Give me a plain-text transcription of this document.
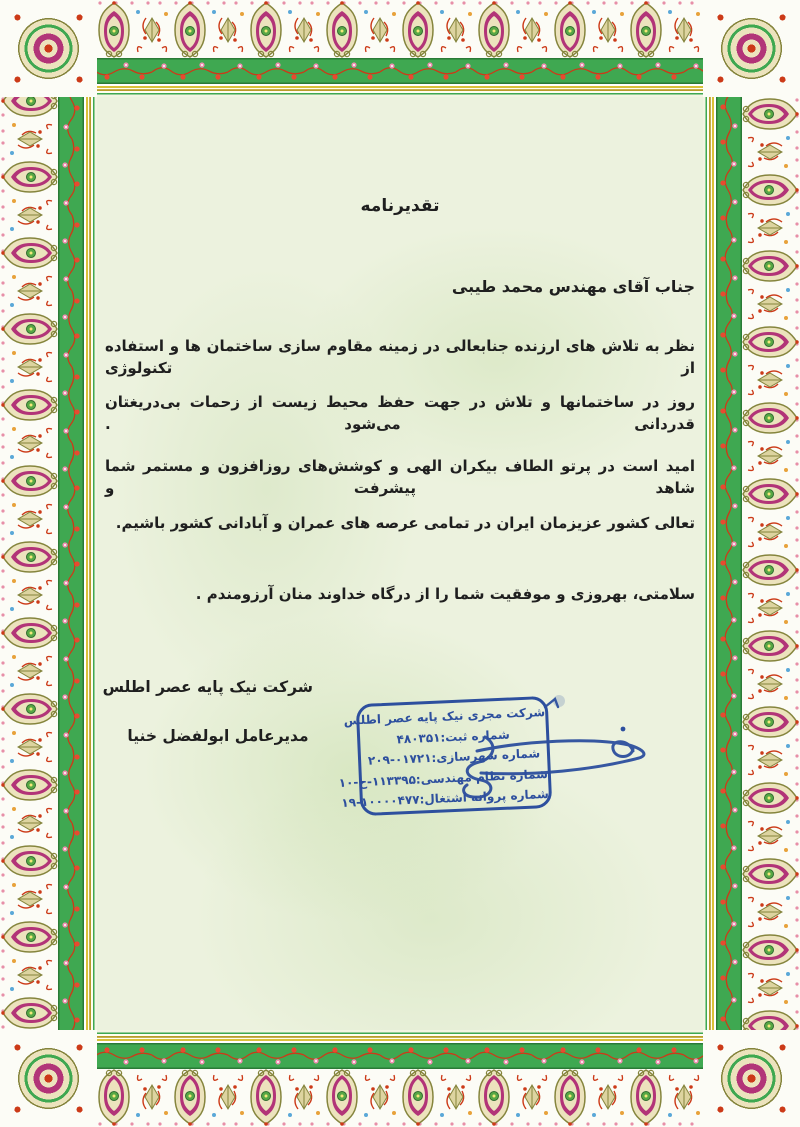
تقدیرنامه
جناب آقای مهندس محمد طیبی
نظر به تلاش های ارزنده جنابعالی در زمینه مقاوم سازی ساختمان ها و استفاده از تکنولوژی
روز در ساختمانها و تلاش در جهت حفظ محیط زیست از زحمات بی‌دریغتان قدردانی می‌شود .
امید است در پرتو الطاف بیکران الهی و کوشش‌های روزافزون و مستمر شما شاهد پیشرفت و
تعالی کشور عزیزمان ایران در تمامی عرصه های عمران و آبادانی کشور باشیم.
سلامتی، بهروزی و موفقیت شما را از درگاه خداوند منان آرزومندم .
شرکت نیک پایه عصر اطلس
مدیرعامل ابولفضل خنیا
شرکت مجری نیک پایه عصر اطلس
شماره ثبت:۴۸۰۳۵۱
شماره شهرسازی:۲۰۹-۰۱۷۲۱
شماره نظام مهندسی:۱۰-ح-۱۱۳۳۹۵
شماره پروانه اشتغال:۱۹-۱۰۰۰۰۴۷۷
